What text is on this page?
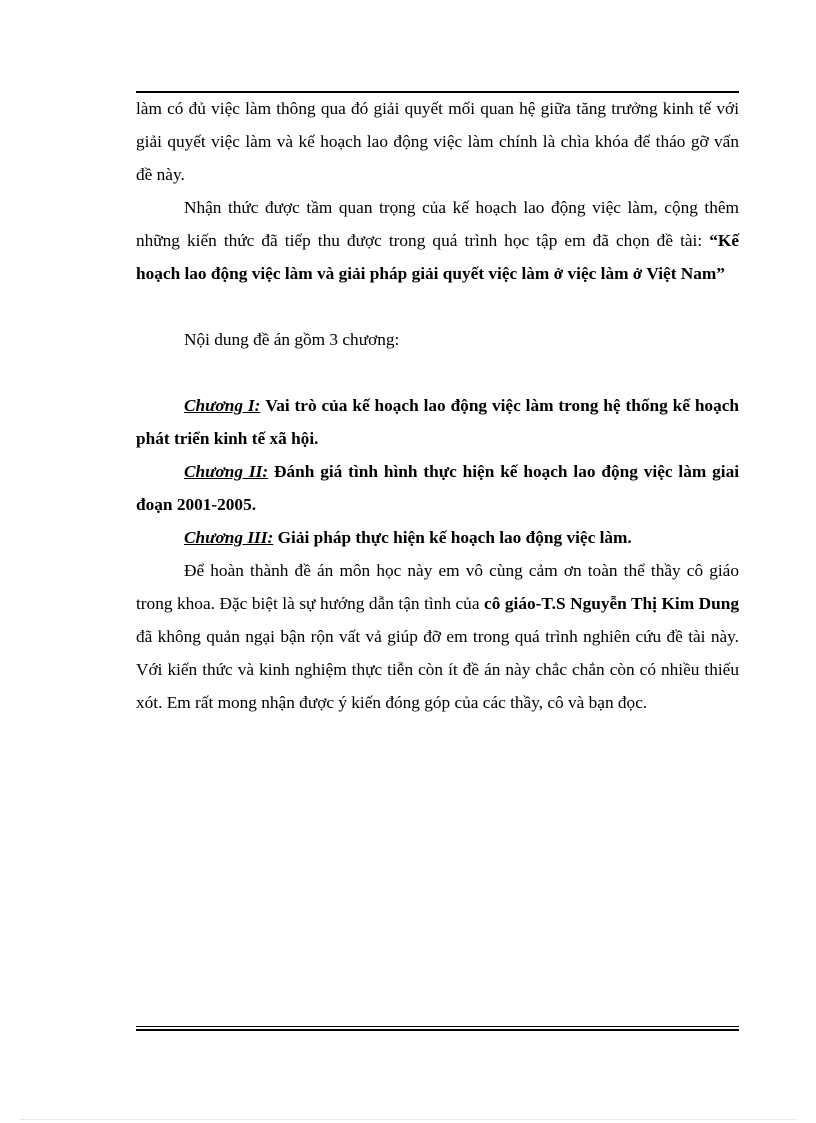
làm có đủ việc làm thông qua đó giải quyết mối quan hệ giữa tăng trưởng kinh tế với giải quyết việc làm và kế hoạch lao động việc làm chính là chìa khóa để tháo gỡ vấn đề này.

Nhận thức được tầm quan trọng của kế hoạch lao động việc làm, cộng thêm những kiến thức đã tiếp thu được trong quá trình học tập em đã chọn đề tài: “Kế hoạch lao động việc làm và giải pháp giải quyết việc làm ở việc làm ở Việt Nam”

Nội dung đề án gồm 3 chương:

Chương I: Vai trò của kế hoạch lao động việc làm trong hệ thống kế hoạch phát triển kinh tế xã hội.

Chương II: Đánh giá tình hình thực hiện kế hoạch lao động việc làm giai đoạn 2001-2005.

Chương III: Giải pháp thực hiện kế hoạch lao động việc làm.

Để hoàn thành đề án môn học này em vô cùng cảm ơn toàn thể thầy cô giáo trong khoa. Đặc biệt là sự hướng dẫn tận tình của cô giáo-T.S Nguyễn Thị Kim Dung đã không quản ngại bận rộn vất vả giúp đỡ em trong quá trình nghiên cứu đề tài này. Với kiến thức và kinh nghiệm thực tiễn còn ít đề án này chắc chắn còn có nhiều thiếu xót. Em rất mong nhận được ý kiến đóng góp của các thầy, cô và bạn đọc.
